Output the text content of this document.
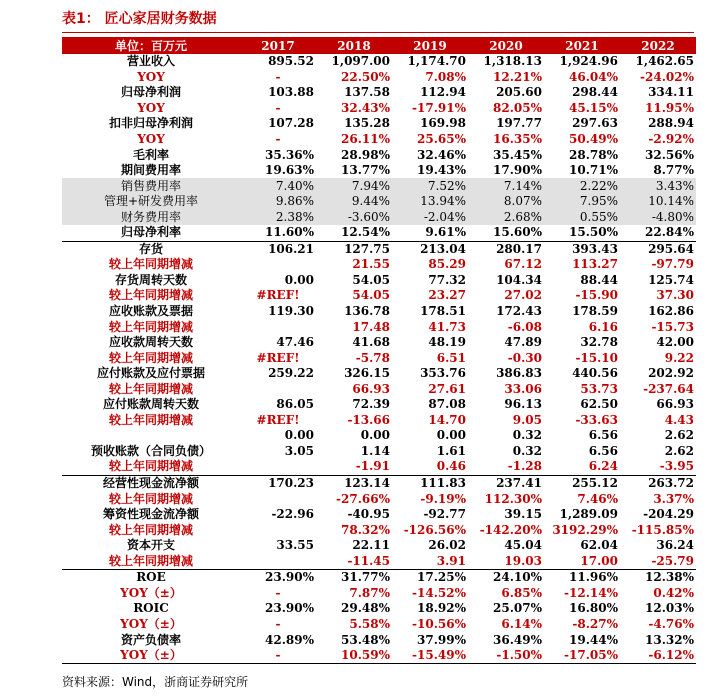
表1： 匠心家居财务数据
单位：百万元	2017	2018	2019	2020	2021	2022
营业收入	895.52	1,097.00	1,174.70	1,318.13	1,924.96	1,462.65
YOY	-	22.50%	7.08%	12.21%	46.04%	-24.02%
归母净利润	103.88	137.58	112.94	205.60	298.44	334.11
YOY	-	32.43%	-17.91%	82.05%	45.15%	11.95%
扣非归母净利润	107.28	135.28	169.98	197.77	297.63	288.94
YOY	-	26.11%	25.65%	16.35%	50.49%	-2.92%
毛利率	35.36%	28.98%	32.46%	35.45%	28.78%	32.56%
期间费用率	19.63%	13.77%	19.43%	17.90%	10.71%	8.77%
销售费用率	7.40%	7.94%	7.52%	7.14%	2.22%	3.43%
管理+研发费用率	9.86%	9.44%	13.94%	8.07%	7.95%	10.14%
财务费用率	2.38%	-3.60%	-2.04%	2.68%	0.55%	-4.80%
归母净利率	11.60%	12.54%	9.61%	15.60%	15.50%	22.84%
存货	106.21	127.75	213.04	280.17	393.43	295.64
较上年同期增减		21.55	85.29	67.12	113.27	-97.79
存货周转天数	0.00	54.05	77.32	104.34	88.44	125.74
较上年同期增减	#REF!	54.05	23.27	27.02	-15.90	37.30
应收账款及票据	119.30	136.78	178.51	172.43	178.59	162.86
较上年同期增减		17.48	41.73	-6.08	6.16	-15.73
应收款周转天数	47.46	41.68	48.19	47.89	32.78	42.00
较上年同期增减	#REF!	-5.78	6.51	-0.30	-15.10	9.22
应付账款及应付票据	259.22	326.15	353.76	386.83	440.56	202.92
较上年同期增减		66.93	27.61	33.06	53.73	-237.64
应付账款周转天数	86.05	72.39	87.08	96.13	62.50	66.93
较上年同期增减	#REF!	-13.66	14.70	9.05	-33.63	4.43
	0.00	0.00	0.00	0.32	6.56	2.62
预收账款（合同负债）	3.05	1.14	1.61	0.32	6.56	2.62
较上年同期增减		-1.91	0.46	-1.28	6.24	-3.95
经营性现金流净额	170.23	123.14	111.83	237.41	255.12	263.72
较上年同期增减		-27.66%	-9.19%	112.30%	7.46%	3.37%
筹资性现金流净额	-22.96	-40.95	-92.77	39.15	1,289.09	-204.29
较上年同期增减		78.32%	-126.56%	-142.20%	3192.29%	-115.85%
资本开支	33.55	22.11	26.02	45.04	62.04	36.24
较上年同期增减		-11.45	3.91	19.03	17.00	-25.79
ROE	23.90%	31.77%	17.25%	24.10%	11.96%	12.38%
YOY（±）	-	7.87%	-14.52%	6.85%	-12.14%	0.42%
ROIC	23.90%	29.48%	18.92%	25.07%	16.80%	12.03%
YOY（±）	-	5.58%	-10.56%	6.14%	-8.27%	-4.76%
资产负债率	42.89%	53.48%	37.99%	36.49%	19.44%	13.32%
YOY（±）	-	10.59%	-15.49%	-1.50%	-17.05%	-6.12%
资料来源：Wind，浙商证券研究所
